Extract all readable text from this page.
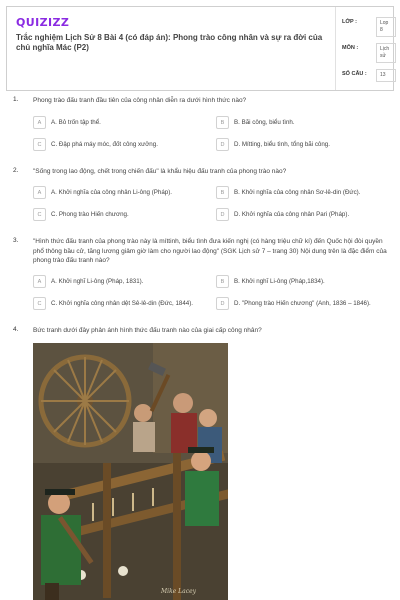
QUIZIZZ
Trắc nghiệm Lịch Sử 8 Bài 4 (có đáp án): Phong trào công nhân và sự ra đời của chủ nghĩa Mác (P2)
LỚP :	Lop 8
MÔN :	Lịch sử
SỐ CÂU :	13
1. Phong trào đấu tranh đầu tiên của công nhân diễn ra dưới hình thức nào?
A	A. Bỏ trốn tập thể.	B	B. Bãi công, biểu tình.
C	C. Đập phá máy móc, đốt công xưởng.	D	D. Mítting, biểu tình, tổng bãi công.
2. "Sống trong lao động, chết trong chiến đấu" là khẩu hiệu đấu tranh của phong trào nào?
A	A. Khởi nghĩa của công nhân Li-ông (Pháp).	B	B. Khởi nghĩa của công nhân Sơ-lê-din (Đức).
C	C. Phong trào Hiến chương.	D	D. Khởi nghĩa của công nhân Pari (Pháp).
3. "Hình thức đấu tranh của phong trào này là míttinh, biểu tình đưa kiến nghị (có hàng triệu chữ kí) đến Quốc hội đòi quyền phổ thông bầu cử, tăng lương giảm giờ làm cho người lao động" (SGK Lịch sử 7 – trang 30) Nội dung trên là đặc điểm của phong trào đấu tranh nào?
A	A. Khởi nghĩ Li-ông (Pháp, 1831).	B	B. Khởi nghĩ Li-ông (Pháp,1834).
C	C. Khởi nghĩa công nhân dệt Sê-lê-din (Đức, 1844).	D	D. "Phong trào Hiến chương" (Anh, 1836 – 1846).
4. Bức tranh dưới đây phản ánh hình thức đấu tranh nào của giai cấp công nhân?
Mike Lacey
